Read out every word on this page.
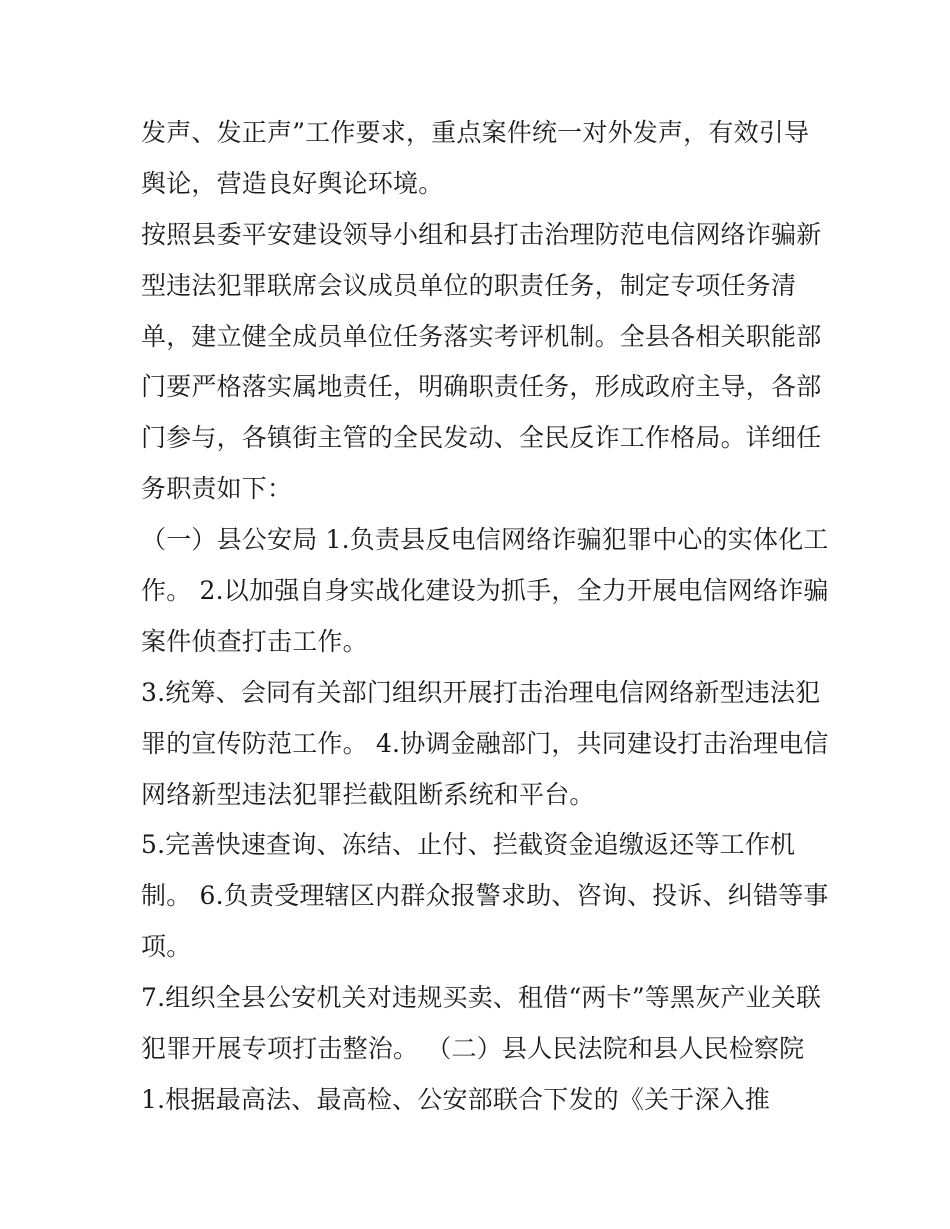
发声、发正声”工作要求，重点案件统一对外发声，有效引导
舆论，营造良好舆论环境。
按照县委平安建设领导小组和县打击治理防范电信网络诈骗新
型违法犯罪联席会议成员单位的职责任务，制定专项任务清
单，建立健全成员单位任务落实考评机制。全县各相关职能部
门要严格落实属地责任，明确职责任务，形成政府主导，各部
门参与，各镇街主管的全民发动、全民反诈工作格局。详细任
务职责如下：
（一）县公安局 1.负责县反电信网络诈骗犯罪中心的实体化工
作。 2.以加强自身实战化建设为抓手，全力开展电信网络诈骗
案件侦查打击工作。
3.统筹、会同有关部门组织开展打击治理电信网络新型违法犯
罪的宣传防范工作。 4.协调金融部门，共同建设打击治理电信
网络新型违法犯罪拦截阻断系统和平台。
5.完善快速查询、冻结、止付、拦截资金追缴返还等工作机
制。 6.负责受理辖区内群众报警求助、咨询、投诉、纠错等事
项。
7.组织全县公安机关对违规买卖、租借“两卡”等黑灰产业关联
犯罪开展专项打击整治。 （二）县人民法院和县人民检察院
1.根据最高法、最高检、公安部联合下发的《关于深入推
